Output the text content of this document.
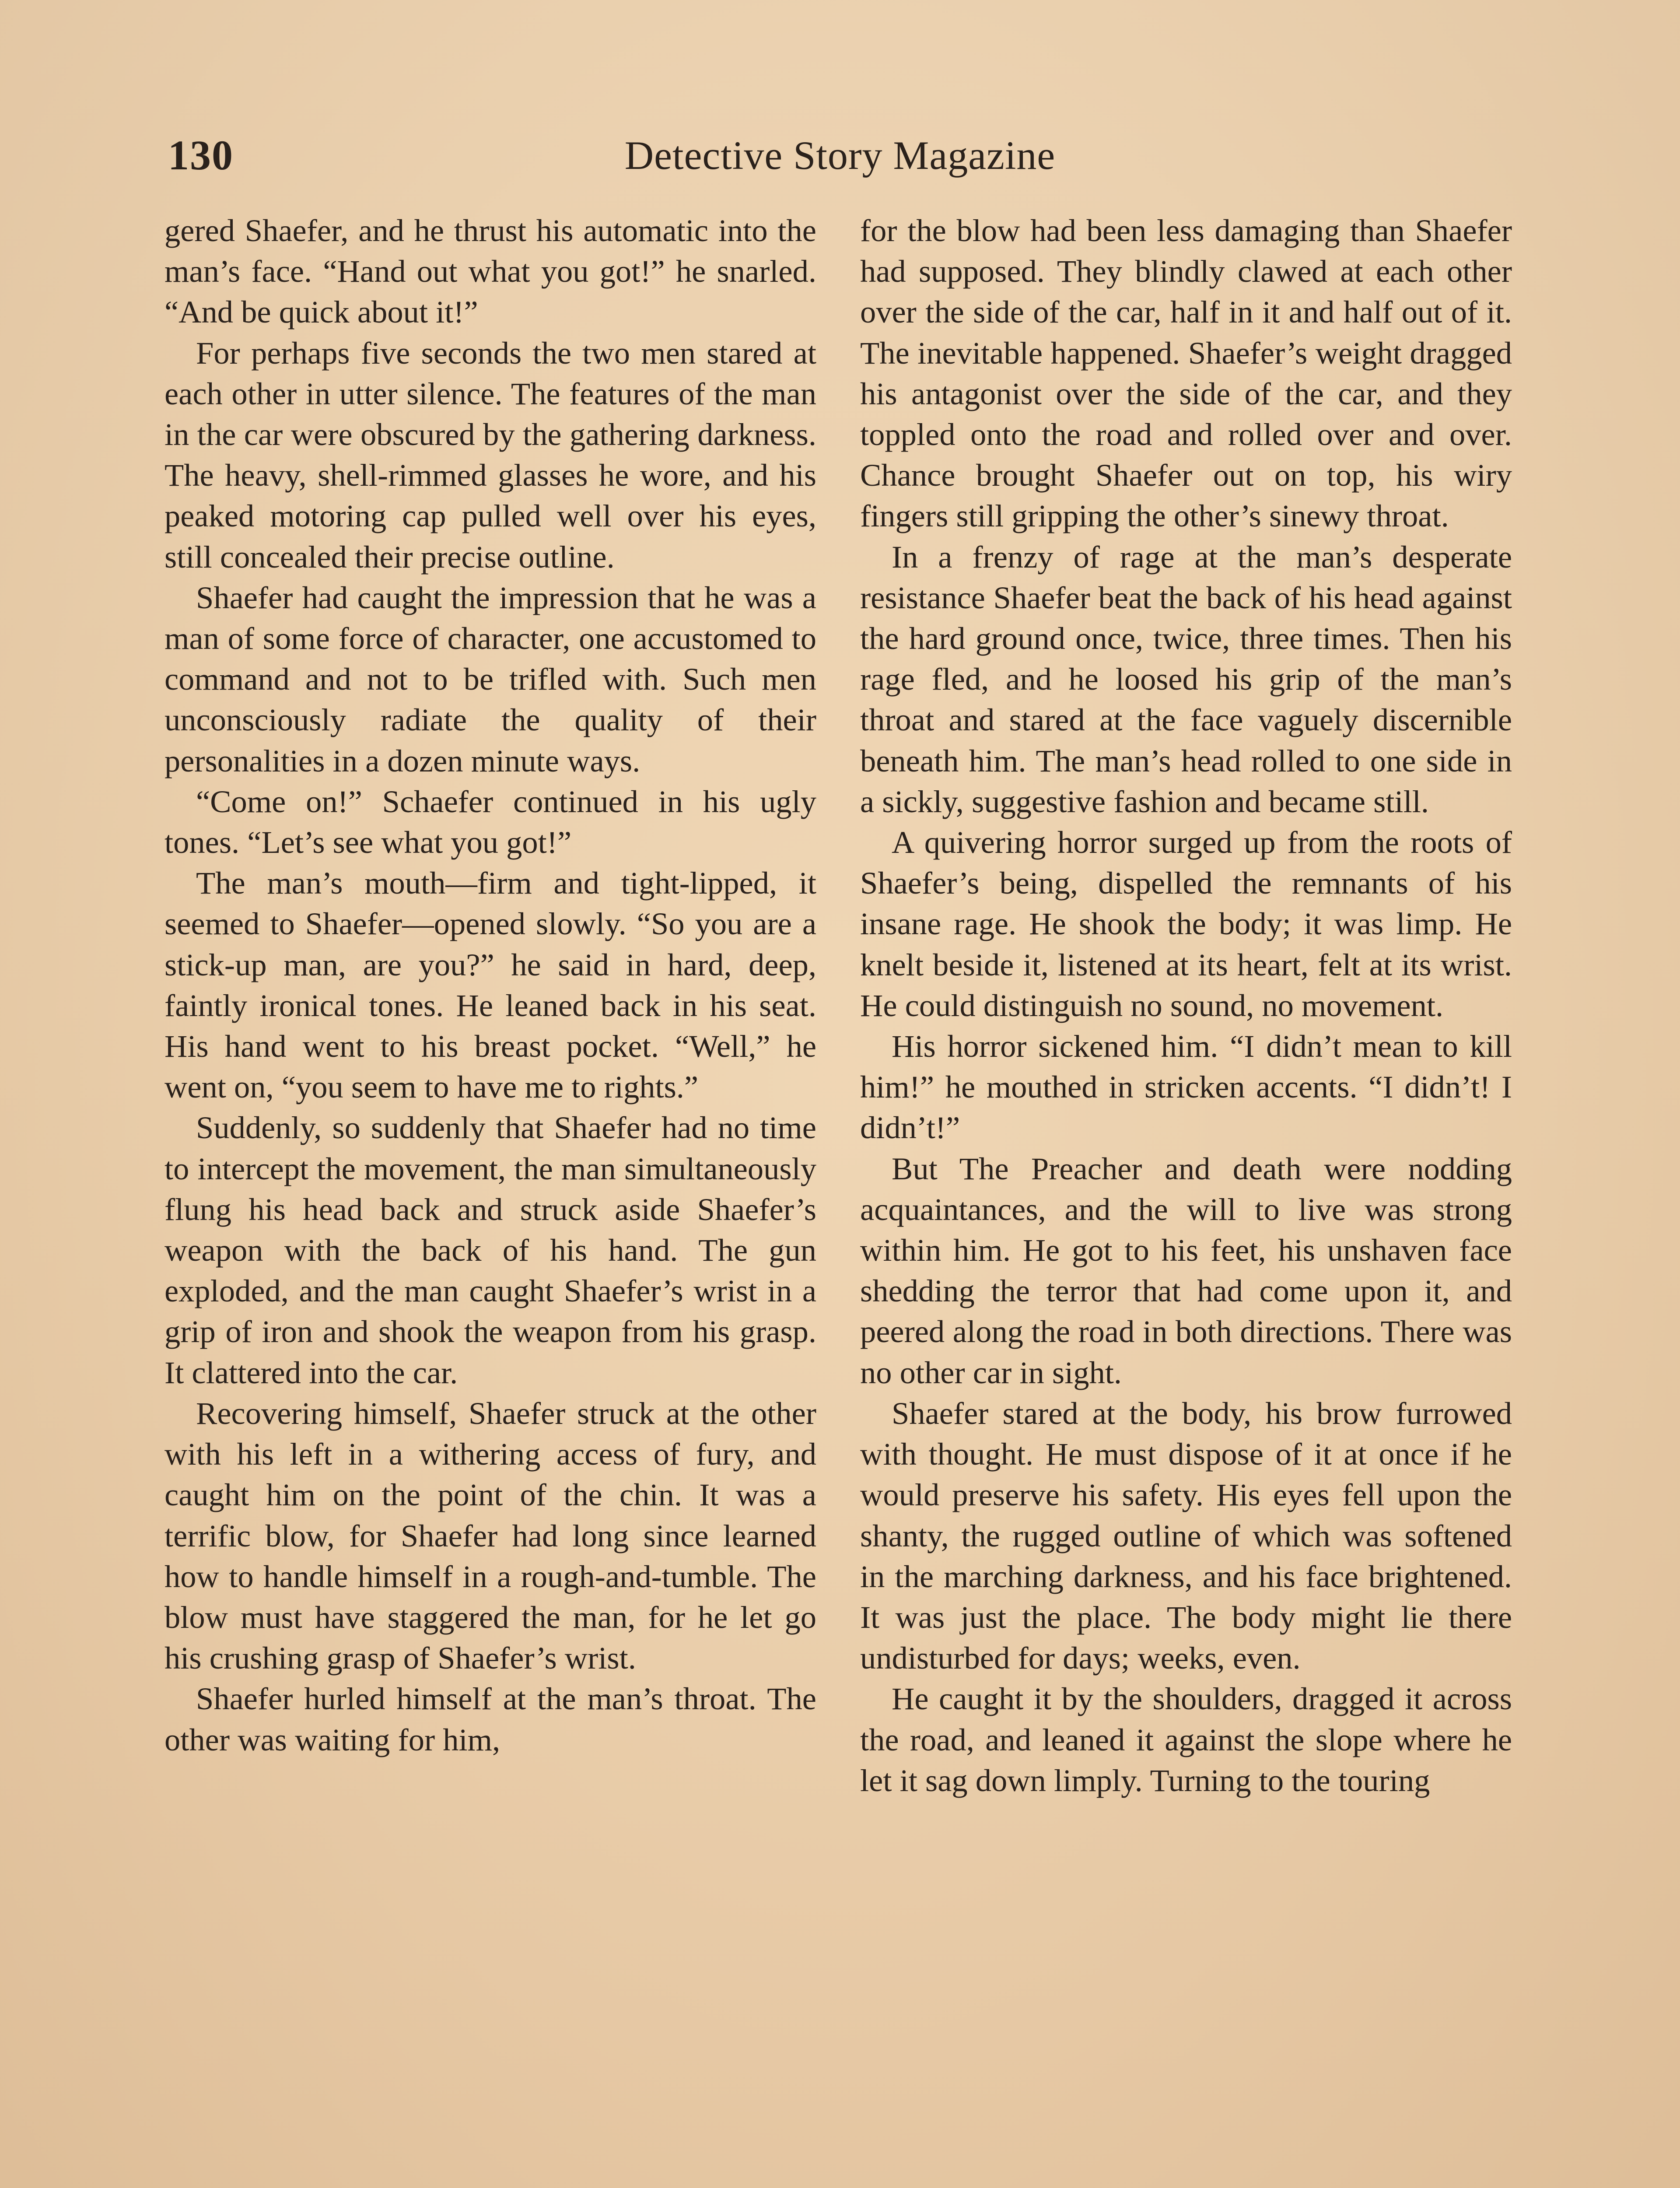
130	Detective Story Magazine

gered Shaefer, and he thrust his automatic into the man’s face. “Hand out what you got!” he snarled. “And be quick about it!”

For perhaps five seconds the two men stared at each other in utter silence. The features of the man in the car were obscured by the gathering darkness. The heavy, shell-rimmed glasses he wore, and his peaked motoring cap pulled well over his eyes, still concealed their precise outline.

Shaefer had caught the impression that he was a man of some force of character, one accustomed to command and not to be trifled with. Such men unconsciously radiate the quality of their personalities in a dozen minute ways.

“Come on!” Schaefer continued in his ugly tones. “Let’s see what you got!”

The man’s mouth—firm and tight-lipped, it seemed to Shaefer—opened slowly. “So you are a stick-up man, are you?” he said in hard, deep, faintly ironical tones. He leaned back in his seat. His hand went to his breast pocket. “Well,” he went on, “you seem to have me to rights.”

Suddenly, so suddenly that Shaefer had no time to intercept the movement, the man simultaneously flung his head back and struck aside Shaefer’s weapon with the back of his hand. The gun exploded, and the man caught Shaefer’s wrist in a grip of iron and shook the weapon from his grasp. It clattered into the car.

Recovering himself, Shaefer struck at the other with his left in a withering access of fury, and caught him on the point of the chin. It was a terrific blow, for Shaefer had long since learned how to handle himself in a rough-and-tumble. The blow must have staggered the man, for he let go his crushing grasp of Shaefer’s wrist.

Shaefer hurled himself at the man’s throat. The other was waiting for him,

for the blow had been less damaging than Shaefer had supposed. They blindly clawed at each other over the side of the car, half in it and half out of it. The inevitable happened. Shaefer’s weight dragged his antagonist over the side of the car, and they toppled onto the road and rolled over and over. Chance brought Shaefer out on top, his wiry fingers still gripping the other’s sinewy throat.

In a frenzy of rage at the man’s desperate resistance Shaefer beat the back of his head against the hard ground once, twice, three times. Then his rage fled, and he loosed his grip of the man’s throat and stared at the face vaguely discernible beneath him. The man’s head rolled to one side in a sickly, suggestive fashion and became still.

A quivering horror surged up from the roots of Shaefer’s being, dispelled the remnants of his insane rage. He shook the body; it was limp. He knelt beside it, listened at its heart, felt at its wrist. He could distinguish no sound, no movement.

His horror sickened him. “I didn’t mean to kill him!” he mouthed in stricken accents. “I didn’t! I didn’t!”

But The Preacher and death were nodding acquaintances, and the will to live was strong within him. He got to his feet, his unshaven face shedding the terror that had come upon it, and peered along the road in both directions. There was no other car in sight.

Shaefer stared at the body, his brow furrowed with thought. He must dispose of it at once if he would preserve his safety. His eyes fell upon the shanty, the rugged outline of which was softened in the marching darkness, and his face brightened. It was just the place. The body might lie there undisturbed for days; weeks, even.

He caught it by the shoulders, dragged it across the road, and leaned it against the slope where he let it sag down limply. Turning to the touring
